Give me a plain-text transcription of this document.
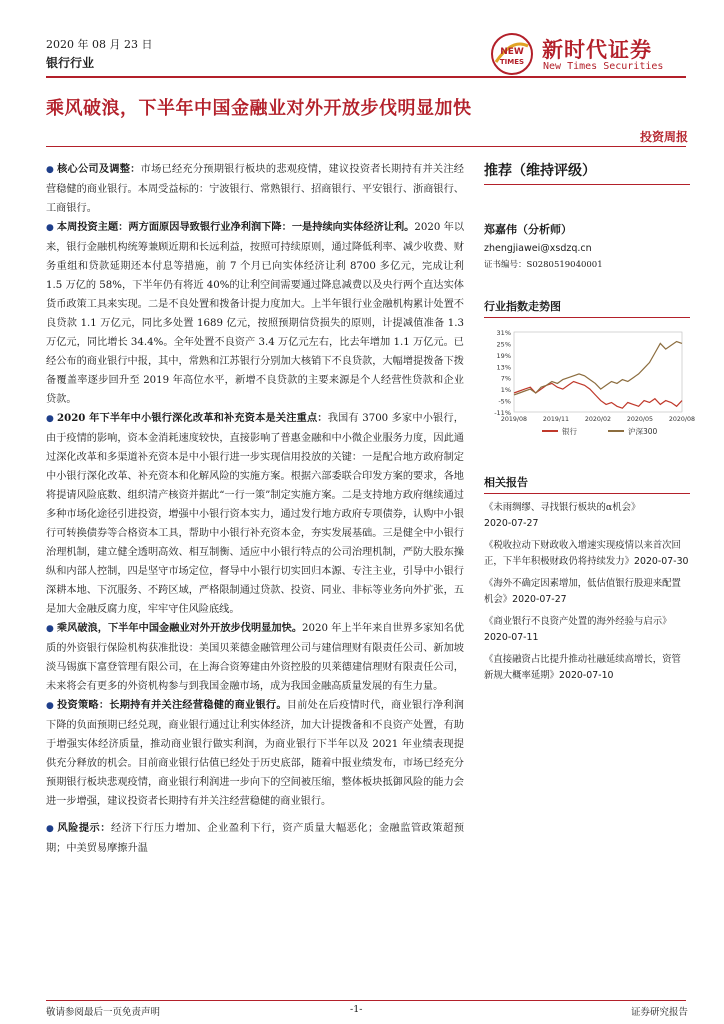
2020 年 08 月 23 日
银行行业
NEW
TIMES 新时代证券
New Times Securities
乘风破浪，下半年中国金融业对外开放步伐明显加快
投资周报

● 核心公司及调整：市场已经充分预期银行板块的悲观疫情，建议投资者长期持有并关注经营稳健的商业银行。本周受益标的：宁波银行、常熟银行、招商银行、平安银行、浙商银行、工商银行。

● 本周投资主题：两方面原因导致银行业净利润下降：一是持续向实体经济让利。2020 年以来，银行金融机构统筹兼顾近期和长远利益，按照可持续原则，通过降低利率、减少收费、财务重组和贷款延期还本付息等措施，前 7 个月已向实体经济让利 8700 多亿元，完成让利 1.5 万亿的 58%，下半年仍有将近 40%的让利空间需要通过降息减费以及央行两个直达实体货币政策工具来实现。二是不良处置和拨备计提力度加大。上半年银行业金融机构累计处置不良贷款 1.1 万亿元，同比多处置 1689 亿元，按照预期信贷损失的原则，计提减值准备 1.3 万亿元，同比增长 34.4%。全年处置不良资产 3.4 万亿元左右，比去年增加 1.1 万亿元。已经公布的商业银行中报，其中，常熟和江苏银行分别加大核销下不良贷款，大幅增提拨备下拨备覆盖率逐步回升至 2019 年高位水平，新增不良贷款的主要来源是个人经营性贷款和企业贷款。

● 2020 年下半年中小银行深化改革和补充资本是关注重点：我国有 3700 多家中小银行，由于疫情的影响，资本金消耗速度较快，直接影响了普惠金融和中小微企业服务力度，因此通过深化改革和多渠道补充资本是中小银行进一步实现信用投放的关键：一是配合地方政府制定中小银行深化改革、补充资本和化解风险的实施方案。根据六部委联合印发方案的要求，各地将提请风险底数、组织清产核资并据此“一行一策”制定实施方案。二是支持地方政府继续通过多种市场化途径引进投资，增强中小银行资本实力，通过发行地方政府专项债券，认购中小银行可转换债券等合格资本工具，帮助中小银行补充资本金，夯实发展基础。三是健全中小银行治理机制，建立健全透明高效、相互制衡、适应中小银行特点的公司治理机制，严防大股东操纵和内部人控制，四是坚守市场定位，督导中小银行切实回归本源、专注主业，引导中小银行深耕本地、下沉服务、不跨区域，严格限制通过贷款、投资、同业、非标等业务向外扩张，五是加大金融反腐力度，牢牢守住风险底线。

● 乘风破浪，下半年中国金融业对外开放步伐明显加快。2020 年上半年来自世界多家知名优质的外资银行保险机构获准批设：美国贝莱德金融管理公司与建信理财有限责任公司、新加坡淡马锡旗下富登管理有限公司，在上海合资筹建由外资控股的贝莱德建信理财有限责任公司，未来将会有更多的外资机构参与到我国金融市场，成为我国金融高质量发展的有生力量。

● 投资策略：长期持有并关注经营稳健的商业银行。目前处在后疫情时代，商业银行净利润下降的负面预期已经兑现，商业银行通过让利实体经济，加大计提拨备和不良资产处置，有助于增强实体经济质量，推动商业银行做实利润，为商业银行下半年以及 2021 年业绩表现提供充分释放的机会。目前商业银行估值已经处于历史底部，随着中报业绩发布，市场已经充分预期银行板块悲观疫情，商业银行利润进一步向下的空间被压缩，整体板块抵御风险的能力会进一步增强，建议投资者长期持有并关注经营稳健的商业银行。

● 风险提示：经济下行压力增加、企业盈利下行，资产质量大幅恶化；金融监管政策超预期；中美贸易摩擦升温

推荐（维持评级）
郑嘉伟（分析师）
zhengjiawei@xsdzq.cn
证书编号：S0280519040001
行业指数走势图
31%
25%
19%
13%
7%
1%
-5%
-11%
2019/08	2019/11	2020/02	2020/05	2020/08
银行	沪深300
相关报告
《未雨绸缪、寻找银行板块的α机会》
2020-07-27
《税收拉动下财政收入增速实现疫情以来首次回正，下半年积极财政仍将持续发力》2020-07-30
《海外不确定因素增加，低估值银行股迎来配置机会》2020-07-27
《商业银行不良资产处置的海外经验与启示》2020-07-11
《直接融资占比提升推动社融延续高增长，资管新规大概率延期》2020-07-10
敬请参阅最后一页免责声明	-1-	证券研究报告
